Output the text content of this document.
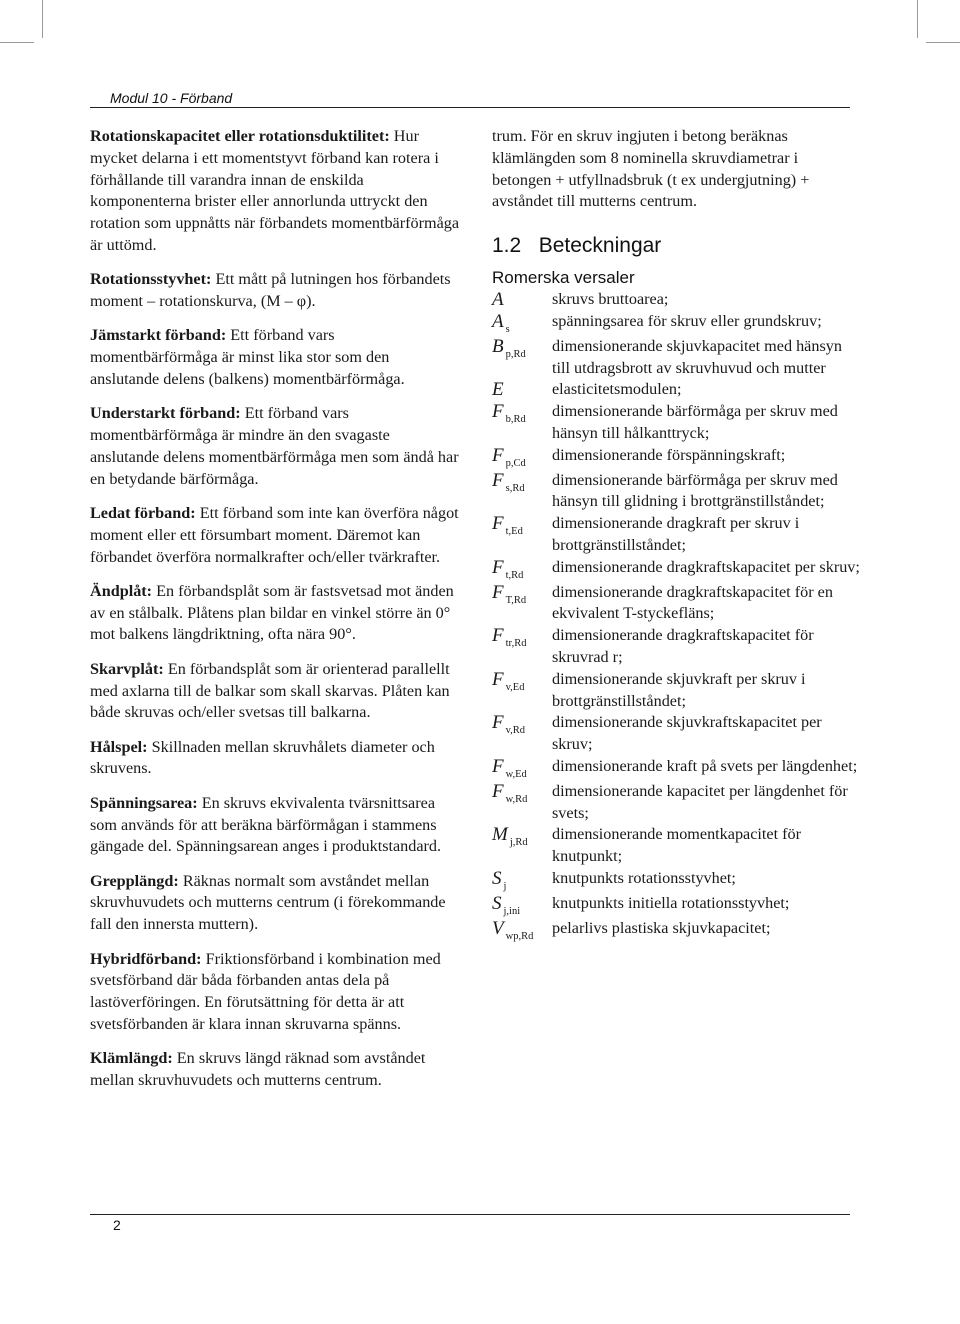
Modul 10 - Förband

Rotationskapacitet eller rotationsduktilitet: Hur mycket delarna i ett momentstyvt förband kan rotera i förhållande till varandra innan de enskilda komponenterna brister eller annorlunda uttryckt den rotation som uppnåtts när förbandets momentbärförmåga är uttömd.

Rotationsstyvhet: Ett mått på lutningen hos förbandets moment – rotationskurva, (M – φ).

Jämstarkt förband: Ett förband vars momentbärförmåga är minst lika stor som den anslutande delens (balkens) momentbärförmåga.

Understarkt förband: Ett förband vars momentbärförmåga är mindre än den svagaste anslutande delens momentbärförmåga men som ändå har en betydande bärförmåga.

Ledat förband: Ett förband som inte kan överföra något moment eller ett försumbart moment. Däremot kan förbandet överföra normalkrafter och/eller tvärkrafter.

Ändplåt: En förbandsplåt som är fastsvetsad mot änden av en stålbalk. Plåtens plan bildar en vinkel större än 0° mot balkens längdriktning, ofta nära 90°.

Skarvplåt: En förbandsplåt som är orienterad parallellt med axlarna till de balkar som skall skarvas. Plåten kan både skruvas och/eller svetsas till balkarna.

Hålspel: Skillnaden mellan skruvhålets diameter och skruvens.

Spänningsarea: En skruvs ekvivalenta tvärsnittsarea som används för att beräkna bärförmågan i stammens gängade del. Spänningsarean anges i produktstandard.

Grepplängd: Räknas normalt som avståndet mellan skruvhuvudets och mutterns centrum (i förekommande fall den innersta muttern).

Hybridförband: Friktionsförband i kombination med svetsförband där båda förbanden antas dela på lastöverföringen. En förutsättning för detta är att svetsförbanden är klara innan skruvarna spänns.

Klämlängd: En skruvs längd räknad som avståndet mellan skruvhuvudets och mutterns centrum.

trum. För en skruv ingjuten i betong beräknas klämlängden som 8 nominella skruvdiametrar i betongen + utfyllnadsbruk (t ex undergjutning) + avståndet till mutterns centrum.

1.2 Beteckningar
Romerska versaler
A	skruvs bruttoarea;
A $_s$	spänningsarea för skruv eller grundskruv;
B $_{p,Rd}$	dimensionerande skjuvkapacitet med hänsyn till utdragsbrott av skruvhuvud och mutter
E	elasticitetsmodulen;
F $_{b,Rd}$	dimensionerande bärförmåga per skruv med hänsyn till hålkanttryck;
F $_{p,Cd}$	dimensionerande förspänningskraft;
F $_{s,Rd}$	dimensionerande bärförmåga per skruv med hänsyn till glidning i brottgränstillståndet;
F $_{t,Ed}$	dimensionerande dragkraft per skruv i brottgränstillståndet;
F $_{t,Rd}$	dimensionerande dragkraftskapacitet per skruv;
F $_{T,Rd}$	dimensionerande dragkraftskapacitet för en ekvivalent T-styckefläns;
F $_{tr,Rd}$	dimensionerande dragkraftskapacitet för skruvrad r;
F $_{v,Ed}$	dimensionerande skjuvkraft per skruv i brottgränstillståndet;
F $_{v,Rd}$	dimensionerande skjuvkraftskapacitet per skruv;
F $_{w,Ed}$	dimensionerande kraft på svets per längdenhet;
F $_{w,Rd}$	dimensionerande kapacitet per längdenhet för svets;
M $_{j,Rd}$	dimensionerande momentkapacitet för knutpunkt;
S $_j$	knutpunkts rotationsstyvhet;
S $_{j,ini}$	knutpunkts initiella rotationsstyvhet;
V $_{wp,Rd}$	pelarlivs plastiska skjuvkapacitet;
2
